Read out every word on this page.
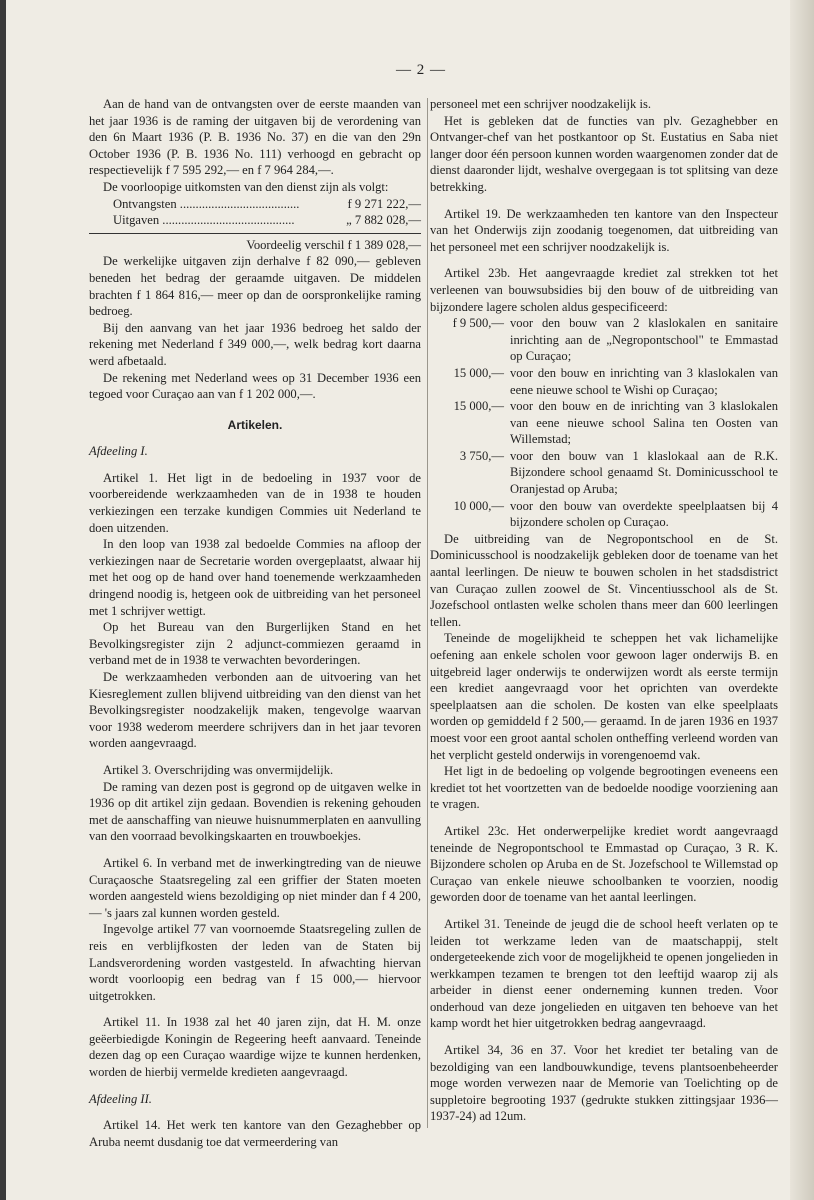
— 2 —

Aan de hand van de ontvangsten over de eerste maanden van het jaar 1936 is de raming der uitgaven bij de verordening van den 6n Maart 1936 (P. B. 1936 No. 37) en die van den 29n October 1936 (P. B. 1936 No. 111) verhoogd en gebracht op respectievelijk f 7 595 292,— en f 7 964 284,—.

De voorloopige uitkomsten van den dienst zijn als volgt:

Ontvangsten ......................................	f 9 271 222,—
Uitgaven ..........................................	„ 7 882 028,—

Voordeelig verschil f 1 389 028,—

De werkelijke uitgaven zijn derhalve f 82 090,— gebleven beneden het bedrag der geraamde uitgaven. De middelen brachten f 1 864 816,— meer op dan de oorspronkelijke raming bedroeg.

Bij den aanvang van het jaar 1936 bedroeg het saldo der rekening met Nederland f 349 000,—, welk bedrag kort daarna werd afbetaald.

De rekening met Nederland wees op 31 December 1936 een tegoed voor Curaçao aan van f 1 202 000,—.

Artikelen.

Afdeeling I.

Artikel 1. Het ligt in de bedoeling in 1937 voor de voorbereidende werkzaamheden van de in 1938 te houden verkiezingen een terzake kundigen Commies uit Nederland te doen uitzenden.

In den loop van 1938 zal bedoelde Commies na afloop der verkiezingen naar de Secretarie worden overgeplaatst, alwaar hij met het oog op de hand over hand toenemende werkzaamheden dringend noodig is, hetgeen ook de uitbreiding van het personeel met 1 schrijver wettigt.

Op het Bureau van den Burgerlijken Stand en het Bevolkingsregister zijn 2 adjunct-commiezen geraamd in verband met de in 1938 te verwachten bevorderingen.

De werkzaamheden verbonden aan de uitvoering van het Kiesreglement zullen blijvend uitbreiding van den dienst van het Bevolkingsregister noodzakelijk maken, tengevolge waarvan voor 1938 wederom meerdere schrijvers dan in het jaar tevoren worden aangevraagd.

Artikel 3. Overschrijding was onvermijdelijk.

De raming van dezen post is gegrond op de uitgaven welke in 1936 op dit artikel zijn gedaan. Bovendien is rekening gehouden met de aanschaffing van nieuwe huisnummerplaten en aanvulling van den voorraad bevolkingskaarten en trouwboekjes.

Artikel 6. In verband met de inwerkingtreding van de nieuwe Curaçaosche Staatsregeling zal een griffier der Staten moeten worden aangesteld wiens bezoldiging op niet minder dan f 4 200,— 's jaars zal kunnen worden gesteld.

Ingevolge artikel 77 van voornoemde Staatsregeling zullen de reis en verblijfkosten der leden van de Staten bij Landsverordening worden vastgesteld. In afwachting hiervan wordt voorloopig een bedrag van f 15 000,— hiervoor uitgetrokken.

Artikel 11. In 1938 zal het 40 jaren zijn, dat H. M. onze geëerbiedigde Koningin de Regeering heeft aanvaard. Teneinde dezen dag op een Curaçao waardige wijze te kunnen herdenken, worden de hierbij vermelde kredieten aangevraagd.

Afdeeling II.

Artikel 14. Het werk ten kantore van den Gezaghebber op Aruba neemt dusdanig toe dat vermeerdering van

personeel met een schrijver noodzakelijk is.

Het is gebleken dat de functies van plv. Gezaghebber en Ontvanger-chef van het postkantoor op St. Eustatius en Saba niet langer door één persoon kunnen worden waargenomen zonder dat de dienst daaronder lijdt, weshalve overgegaan is tot splitsing van deze betrekking.

Artikel 19. De werkzaamheden ten kantore van den Inspecteur van het Onderwijs zijn zoodanig toegenomen, dat uitbreiding van het personeel met een schrijver noodzakelijk is.

Artikel 23b. Het aangevraagde krediet zal strekken tot het verleenen van bouwsubsidies bij den bouw of de uitbreiding van bijzondere lagere scholen aldus gespecificeerd:

f 9 500,— voor den bouw van 2 klaslokalen en sanitaire inrichting aan de „Negropontschool" te Emmastad op Curaçao;
15 000,— voor den bouw en inrichting van 3 klaslokalen van eene nieuwe school te Wishi op Curaçao;
15 000,— voor den bouw en de inrichting van 3 klaslokalen van eene nieuwe school Salina ten Oosten van Willemstad;
3 750,— voor den bouw van 1 klaslokaal aan de R.K. Bijzondere school genaamd St. Dominicusschool te Oranjestad op Aruba;
10 000,— voor den bouw van overdekte speelplaatsen bij 4 bijzondere scholen op Curaçao.

De uitbreiding van de Negropontschool en de St. Dominicusschool is noodzakelijk gebleken door de toename van het aantal leerlingen. De nieuw te bouwen scholen in het stadsdistrict van Curaçao zullen zoowel de St. Vincentiusschool als de St. Jozefschool ontlasten welke scholen thans meer dan 600 leerlingen tellen.

Teneinde de mogelijkheid te scheppen het vak lichamelijke oefening aan enkele scholen voor gewoon lager onderwijs B. en uitgebreid lager onderwijs te onderwijzen wordt als eerste termijn een krediet aangevraagd voor het oprichten van overdekte speelplaatsen aan die scholen. De kosten van elke speelplaats worden op gemiddeld f 2 500,— geraamd. In de jaren 1936 en 1937 moest voor een groot aantal scholen ontheffing verleend worden van het verplicht gesteld onderwijs in vorengenoemd vak.

Het ligt in de bedoeling op volgende begrootingen eveneens een krediet tot het voortzetten van de bedoelde noodige voorziening aan te vragen.

Artikel 23c. Het onderwerpelijke krediet wordt aangevraagd teneinde de Negropontschool te Emmastad op Curaçao, 3 R. K. Bijzondere scholen op Aruba en de St. Jozefschool te Willemstad op Curaçao van enkele nieuwe schoolbanken te voorzien, noodig geworden door de toename van het aantal leerlingen.

Artikel 31. Teneinde de jeugd die de school heeft verlaten op te leiden tot werkzame leden van de maatschappij, stelt ondergeteekende zich voor de mogelijkheid te openen jongelieden in werkkampen tezamen te brengen tot den leeftijd waarop zij als arbeider in dienst eener onderneming kunnen treden. Voor onderhoud van deze jongelieden en uitgaven ten behoeve van het kamp wordt het hier uitgetrokken bedrag aangevraagd.

Artikel 34, 36 en 37. Voor het krediet ter betaling van de bezoldiging van een landbouwkundige, tevens plantsoenbeheerder moge worden verwezen naar de Memorie van Toelichting op de suppletoire begrooting 1937 (gedrukte stukken zittingsjaar 1936—1937-24) ad 12um.
